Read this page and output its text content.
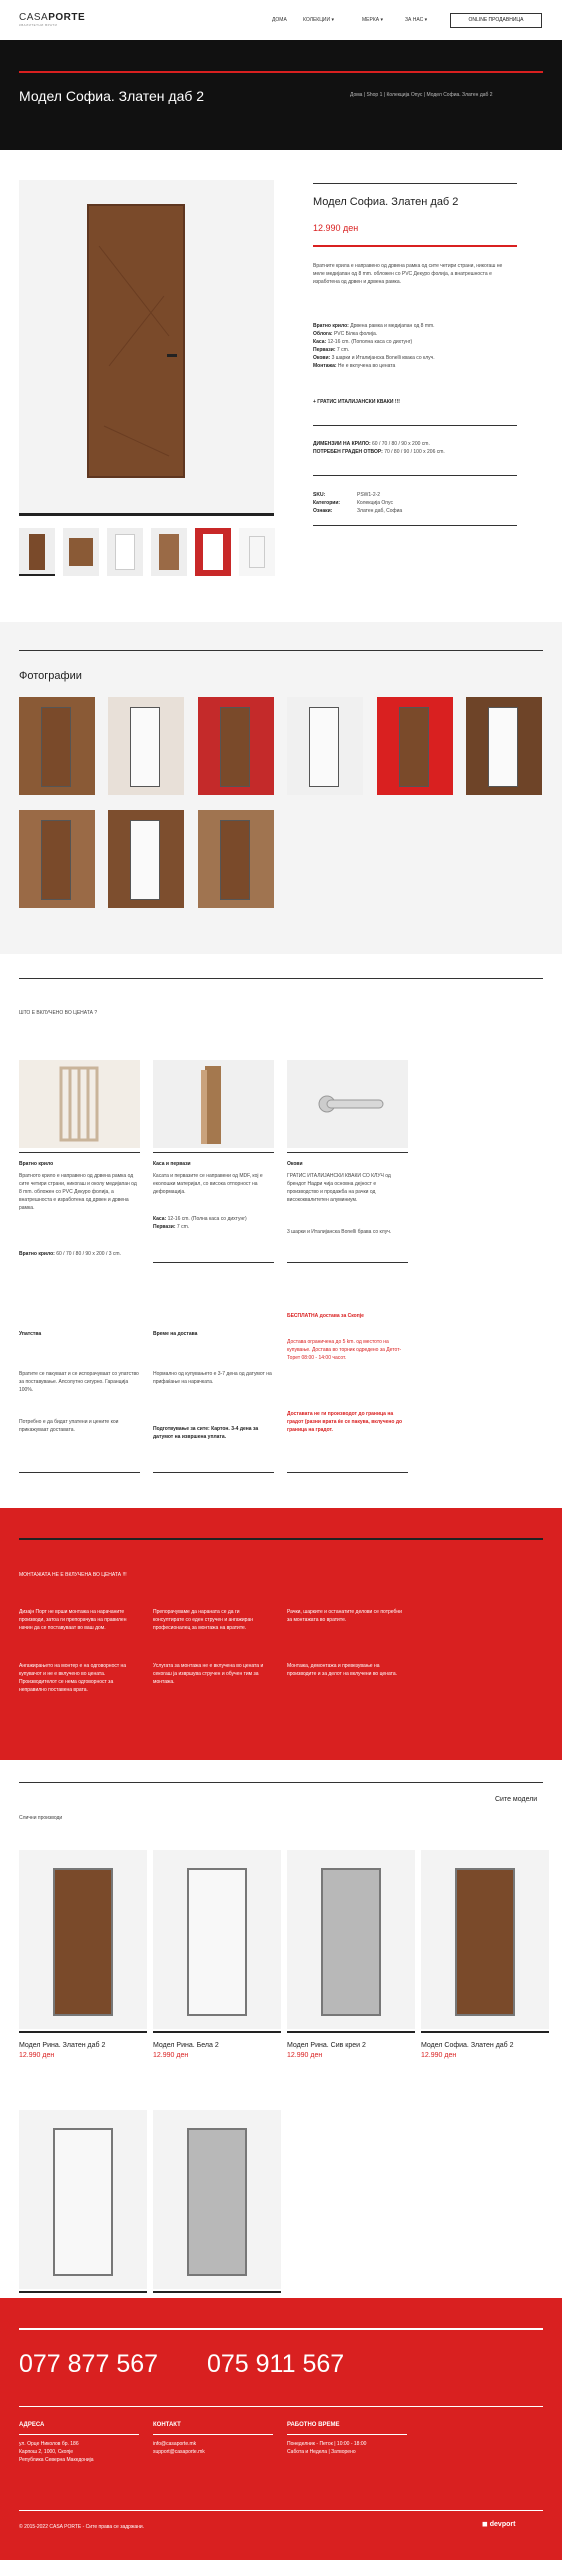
CASAPORTE
КВАЛИТЕТНИ ВРАТИ
ДОМА	КОЛЕКЦИИ ▾	МЕРКА ▾	ЗА НАС ▾	ONLINE ПРОДАВНИЦА
Модел Софиа. Златен даб 2	Дома | Shop 1 | Колекција Опус | Модел Софиа. Златен даб 2
Модел Софиа. Златен даб 2
12.990 ден
Вратните крила е направено од дрвена рамка од сите четири страни, никогаш не меле медијапан од 8 mm. обложен со PVC Декуро фолијa, а внатрешноста е изработена од дрвен и дрвена рамка.
Вратно крило: Дрвена рамка и медијапан од 8 mm.
Облога: PVC Білка фолија.
Каса: 12-16 cm. (Пополна каса со дихтунг)
Первази: 7 cm.
Окови: 3 шарки и Италијанска Bonelli квака со клуч.
Монтажа: Не е вклучена во цената
+ ГРАТИС ИТАЛИЈАНСКИ КВАКИ !!!
ДИМЕНЗИИ НА КРИЛО: 60 / 70 / 80 / 90 x 200 cm.
ПОТРЕБЕН ГРАДЕН ОТВОР: 70 / 80 / 90 / 100 x 206 cm.
SKU:	PSW1-2-2
Категории:	Колекција Опус
Ознаки:	Златен даб, Софиа
Фотографии
ШТО Е ВКЛУЧЕНО ВО ЦЕНАТА ?
Вратно крило
Вратното крило е направено од дрвена рамка од сите четири страни, никогаш и околу медијапан од 8 mm. обложен со PVC Декуро фолија, а внатрешноста е изработена од дрвен и дрвена рамка.
Вратно крило: 60 / 70 / 80 / 90 x 200 / 3 cm.
Каса и первази
Касата и первазите се направени од MDF, кој е еколошки материјал, со висока отпорност на деформација.
Каса: 12-16 cm. (Полна каса со дихтунг)
Первази: 7 cm.
Окови
ГРАТИС ИТАЛИЈАНСКИ КВАКИ СО КЛУЧ од брендот Надри чија основна дејност е производство и продажба на рачки од висококвалитетен алуминиум.
3 шарки и Италијанска Bonelli брава со клуч.
Упатства
Вратите се пакуваат и се испорачуваат со упатство за поставување. Апсолутно сигурно. Гаранција 100%.
Потребно е да бидат упатени и цените кои прикажуваат доставата.
Време на достава
Нормално од купувањето е 3-7 дена од датумот на прифаќање на нарачката.
Подготвување за сите: Картон. 3-4 дена за датумот на извршена уплата.
БЕСПЛАТНА достава за Скопје
Достава ограничена до 5 km. од местото на купување. Достава во торник одредено за Детот-Торет 08:00 - 14:00 часот.
Доставата не ги производот до граница на градот (разни врата ќе се пакува, вклучено до граница на градот.
МОНТАЖАТА НЕ Е ВКЛУЧЕНА ВО ЦЕНАТА !!!
Дизајн Порт не врши монтажа на нарачаните производи, затоа ги препорачува на правилен начин да се поставуваат во ваш дом.
Препорачуваме да нараната се да ги консултирате со еден стручен и ангажиран професионалец за монтажа на вратите.
Рачки, шарките и останатите делови се потребни за монтажата во вратите.
Ангажирањето на монтер е на одговорност на купувачот и не е вклучено во цената. Производителот се нема одговорност за неправилно поставена врата.
Услугата за монтажа не е вклучена во цената и секогаш ја извршува стручен и обучен тим за монтажа.
Монтажа, демонтажа и превезување на производите и за делот на вклучени во цената.
Сите модели
Слични производи
Модел Рина. Златен даб 2
12.990 ден
Модел Рина. Бела 2
12.990 ден
Модел Рина. Сив креи 2
12.990 ден
Модел Софиа. Златен даб 2
12.990 ден
077 877 567 075 911 567
АДРЕСА
ул. Орце Николов бр. 186
Карпош 2, 1000, Скопје
Република Северна Македонија
КОНТАКТ
info@casaporte.mk
support@casaporte.mk
РАБОТНО ВРЕМЕ
Понеделник - Петок | 10:00 - 18:00
Сабота и Недела | Затворено
© 2015-2022 CASA PORTE - Сите права се задржани.	◼ devport
